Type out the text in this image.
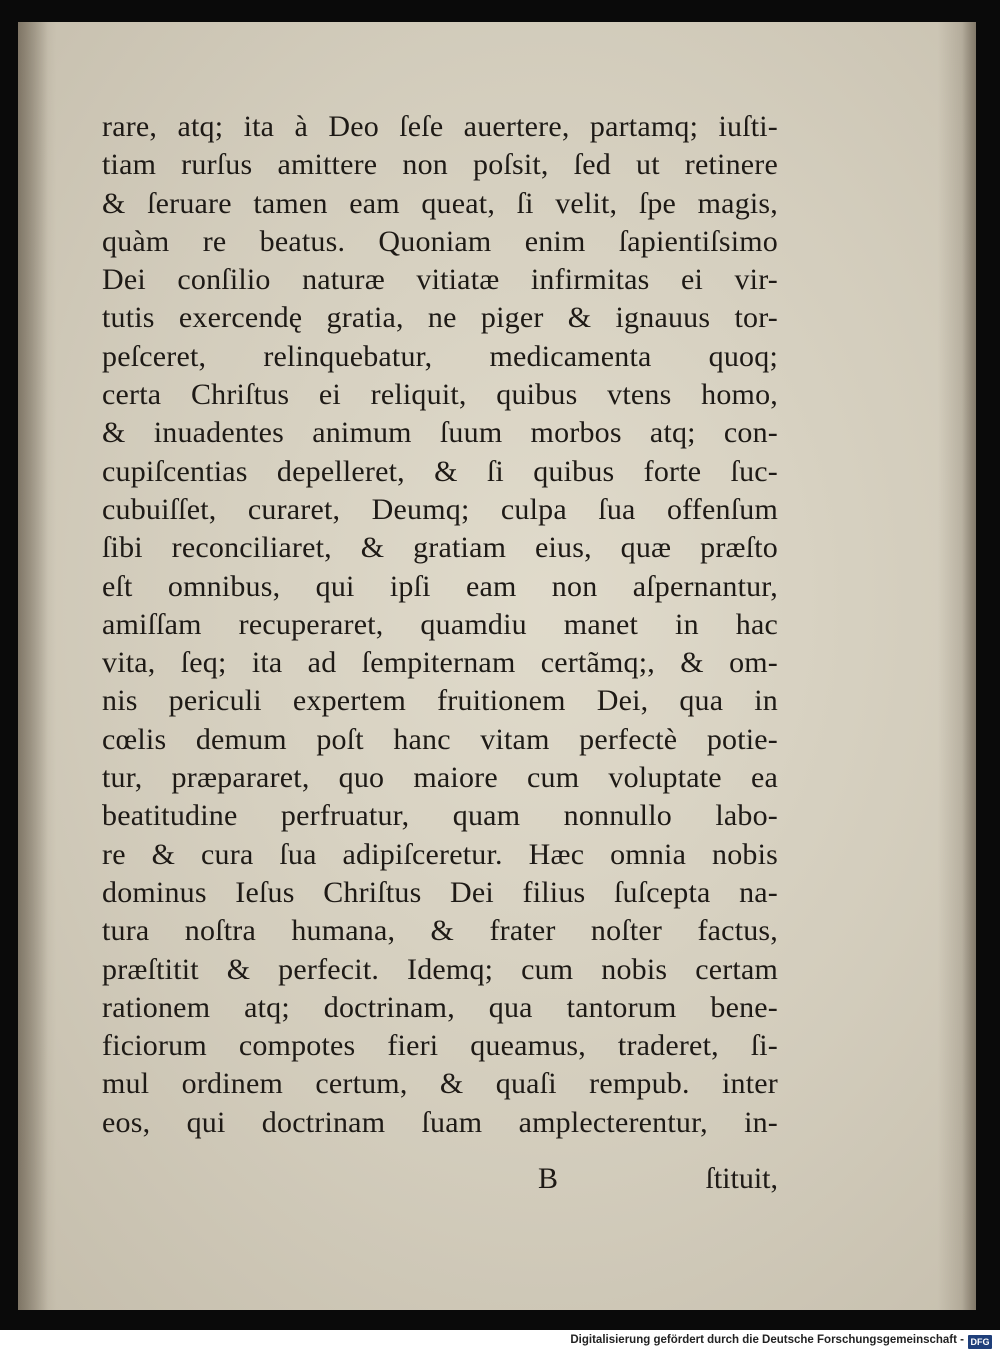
rare, atq; ita à Deo ſeſe auertere, partamq; iuſti-
tiam rurſus amittere non poſsit, ſed ut retinere
& ſeruare tamen eam queat, ſi velit, ſpe magis,
quàm re beatus. Quoniam enim ſapientiſsimo
Dei conſilio naturæ vitiatæ infirmitas ei vir-
tutis exercendę gratia, ne piger & ignauus tor-
peſceret, relinquebatur, medicamenta quoq;
certa Chriſtus ei reliquit, quibus vtens homo,
& inuadentes animum ſuum morbos atq; con-
cupiſcentias depelleret, & ſi quibus forte ſuc-
cubuiſſet, curaret, Deumq; culpa ſua offenſum
ſibi reconciliaret, & gratiam eius, quæ præſto
eſt omnibus, qui ipſi eam non aſpernantur,
amiſſam recuperaret, quamdiu manet in hac
vita, ſeq; ita ad ſempiternam certãmq;, & om-
nis periculi expertem fruitionem Dei, qua in
cœlis demum poſt hanc vitam perfectè potie-
tur, præpararet, quo maiore cum voluptate ea
beatitudine perfruatur, quam nonnullo labo-
re & cura ſua adipiſceretur. Hæc omnia nobis
dominus Ieſus Chriſtus Dei filius ſuſcepta na-
tura noſtra humana, & frater noſter factus,
præſtitit & perfecit. Idemq; cum nobis certam
rationem atq; doctrinam, qua tantorum bene-
ficiorum compotes fieri queamus, traderet, ſi-
mul ordinem certum, & quaſi rempub. inter
eos, qui doctrinam ſuam amplecterentur, in-
B	ſtituit,
Digitalisierung gefördert durch die Deutsche Forschungsgemeinschaft - DFG
